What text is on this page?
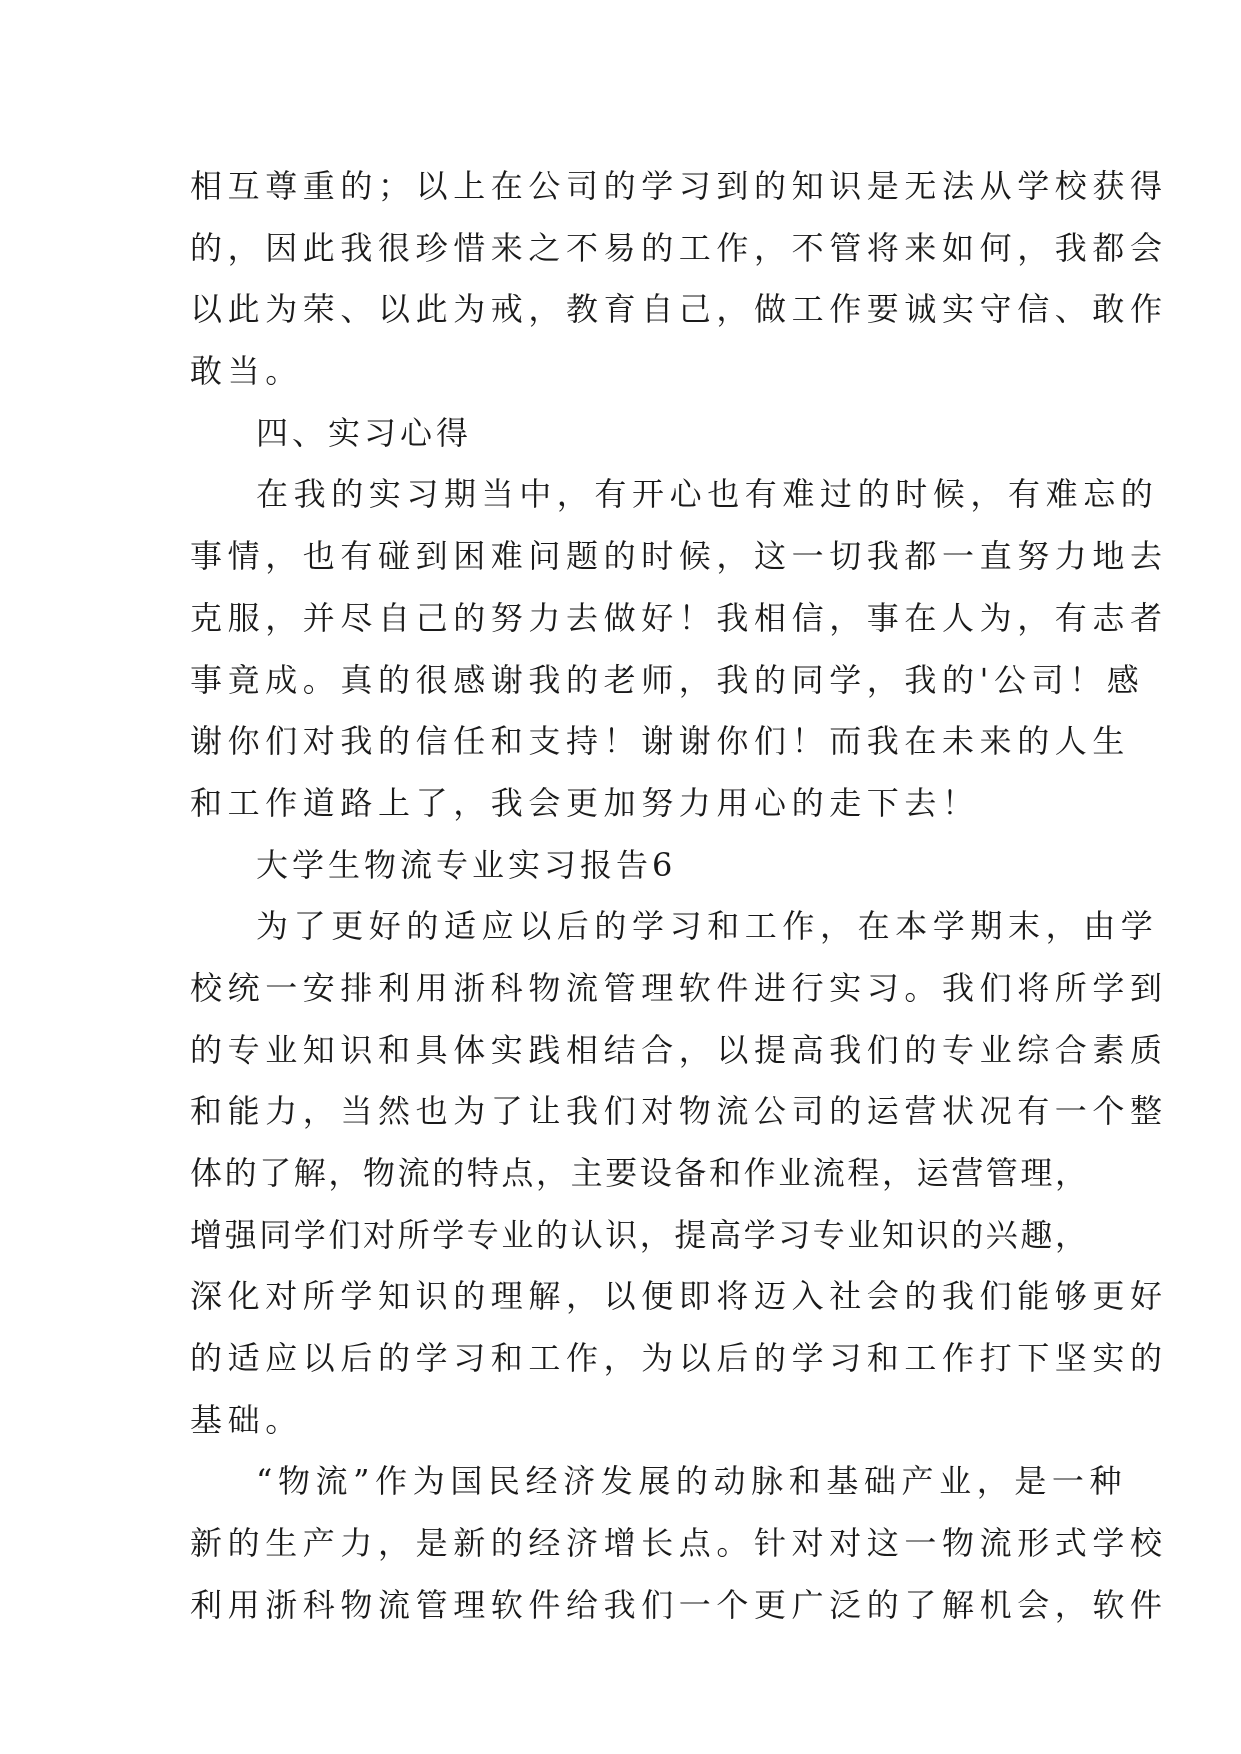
相互尊重的；以上在公司的学习到的知识是无法从学校获得
的，因此我很珍惜来之不易的工作，不管将来如何，我都会
以此为荣、以此为戒，教育自己，做工作要诚实守信、敢作
敢当。
四、实习心得
在我的实习期当中，有开心也有难过的时候，有难忘的
事情，也有碰到困难问题的时候，这一切我都一直努力地去
克服，并尽自己的努力去做好！我相信，事在人为，有志者
事竟成。真的很感谢我的老师，我的同学，我的'公司！感
谢你们对我的信任和支持！谢谢你们！而我在未来的人生
和工作道路上了，我会更加努力用心的走下去！
大学生物流专业实习报告6
为了更好的适应以后的学习和工作，在本学期末，由学
校统一安排利用浙科物流管理软件进行实习。我们将所学到
的专业知识和具体实践相结合，以提高我们的专业综合素质
和能力，当然也为了让我们对物流公司的运营状况有一个整
体的了解，物流的特点，主要设备和作业流程，运营管理，
增强同学们对所学专业的认识，提高学习专业知识的兴趣，
深化对所学知识的理解，以便即将迈入社会的我们能够更好
的适应以后的学习和工作，为以后的学习和工作打下坚实的
基础。
“物流”作为国民经济发展的动脉和基础产业，是一种
新的生产力，是新的经济增长点。针对对这一物流形式学校
利用浙科物流管理软件给我们一个更广泛的了解机会，软件
